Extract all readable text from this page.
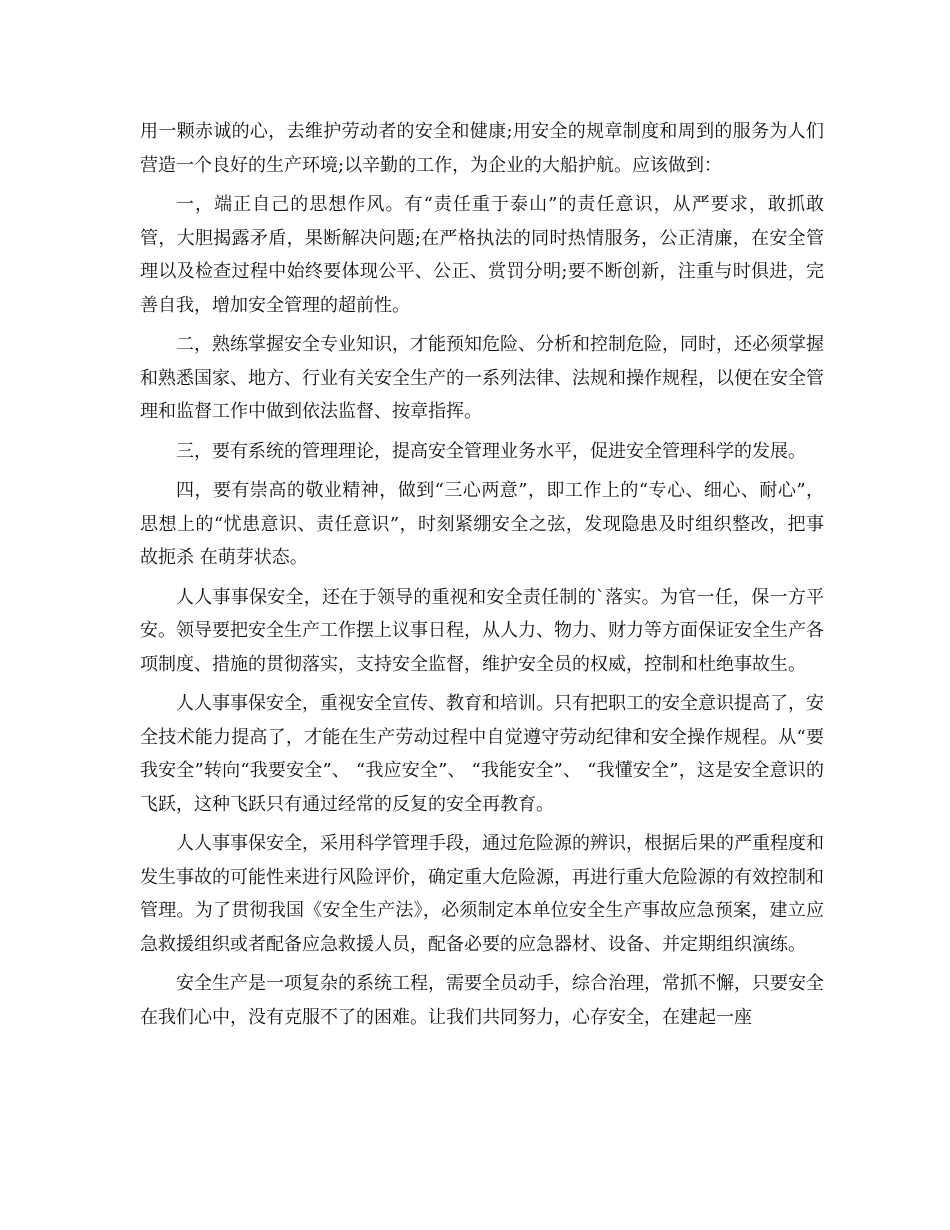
用一颗赤诚的心，去维护劳动者的安全和健康;用安全的规章制度和周到的服务为人们营造一个良好的生产环境;以辛勤的工作，为企业的大船护航。应该做到：

一，端正自己的思想作风。有“责任重于泰山”的责任意识，从严要求，敢抓敢管，大胆揭露矛盾，果断解决问题;在严格执法的同时热情服务，公正清廉，在安全管理以及检查过程中始终要体现公平、公正、赏罚分明;要不断创新，注重与时俱进，完善自我，增加安全管理的超前性。

二，熟练掌握安全专业知识，才能预知危险、分析和控制危险，同时，还必须掌握和熟悉国家、地方、行业有关安全生产的一系列法律、法规和操作规程，以便在安全管理和监督工作中做到依法监督、按章指挥。

三，要有系统的管理理论，提高安全管理业务水平，促进安全管理科学的发展。

四，要有崇高的敬业精神，做到“三心两意”，即工作上的“专心、细心、耐心”，思想上的“忧患意识、责任意识”，时刻紧绷安全之弦，发现隐患及时组织整改，把事故扼杀 在萌芽状态。

人人事事保安全，还在于领导的重视和安全责任制的`落实。为官一任，保一方平安。领导要把安全生产工作摆上议事日程，从人力、物力、财力等方面保证安全生产各项制度、措施的贯彻落实，支持安全监督，维护安全员的权威，控制和杜绝事故生。

人人事事保安全，重视安全宣传、教育和培训。只有把职工的安全意识提高了，安全技术能力提高了，才能在生产劳动过程中自觉遵守劳动纪律和安全操作规程。从“要我安全”转向“我要安全”、 “我应安全”、 “我能安全”、 “我懂安全”，这是安全意识的飞跃，这种飞跃只有通过经常的反复的安全再教育。

人人事事保安全，采用科学管理手段，通过危险源的辨识，根据后果的严重程度和发生事故的可能性来进行风险评价，确定重大危险源，再进行重大危险源的有效控制和管理。为了贯彻我国《安全生产法》，必须制定本单位安全生产事故应急预案，建立应急救援组织或者配备应急救援人员，配备必要的应急器材、设备、并定期组织演练。

安全生产是一项复杂的系统工程，需要全员动手，综合治理，常抓不懈，只要安全在我们心中，没有克服不了的困难。让我们共同努力，心存安全，在建起一座
